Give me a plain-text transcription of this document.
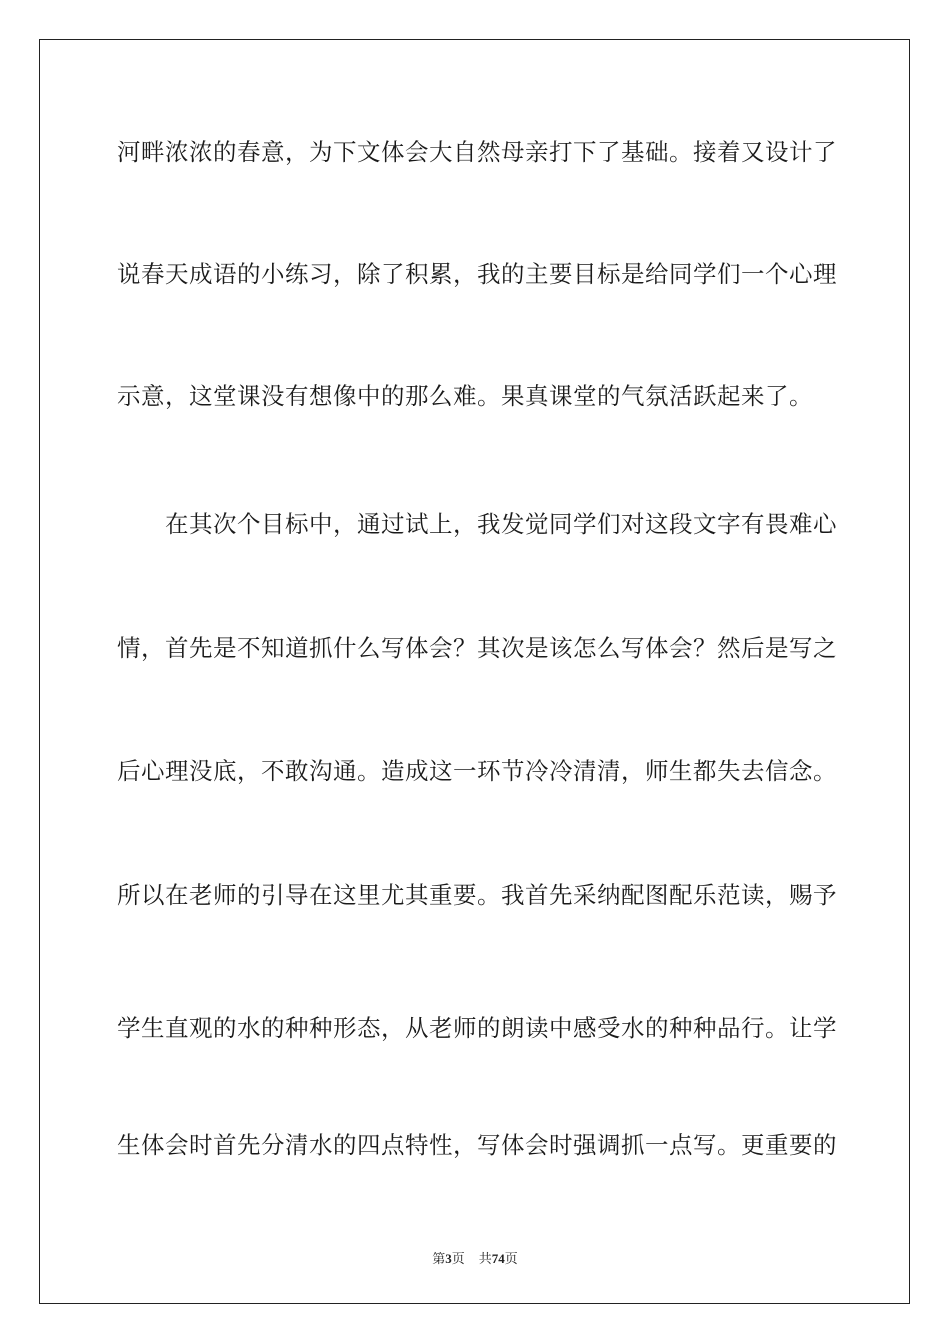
河畔浓浓的春意，为下文体会大自然母亲打下了基础。接着又设计了
说春天成语的小练习，除了积累，我的主要目标是给同学们一个心理
示意，这堂课没有想像中的那么难。果真课堂的气氛活跃起来了。
在其次个目标中，通过试上，我发觉同学们对这段文字有畏难心
情，首先是不知道抓什么写体会？其次是该怎么写体会？然后是写之
后心理没底，不敢沟通。造成这一环节冷冷清清，师生都失去信念。
所以在老师的引导在这里尤其重要。我首先采纳配图配乐范读，赐予
学生直观的水的种种形态，从老师的朗读中感受水的种种品行。让学
生体会时首先分清水的四点特性，写体会时强调抓一点写。更重要的
第3页 共74页
